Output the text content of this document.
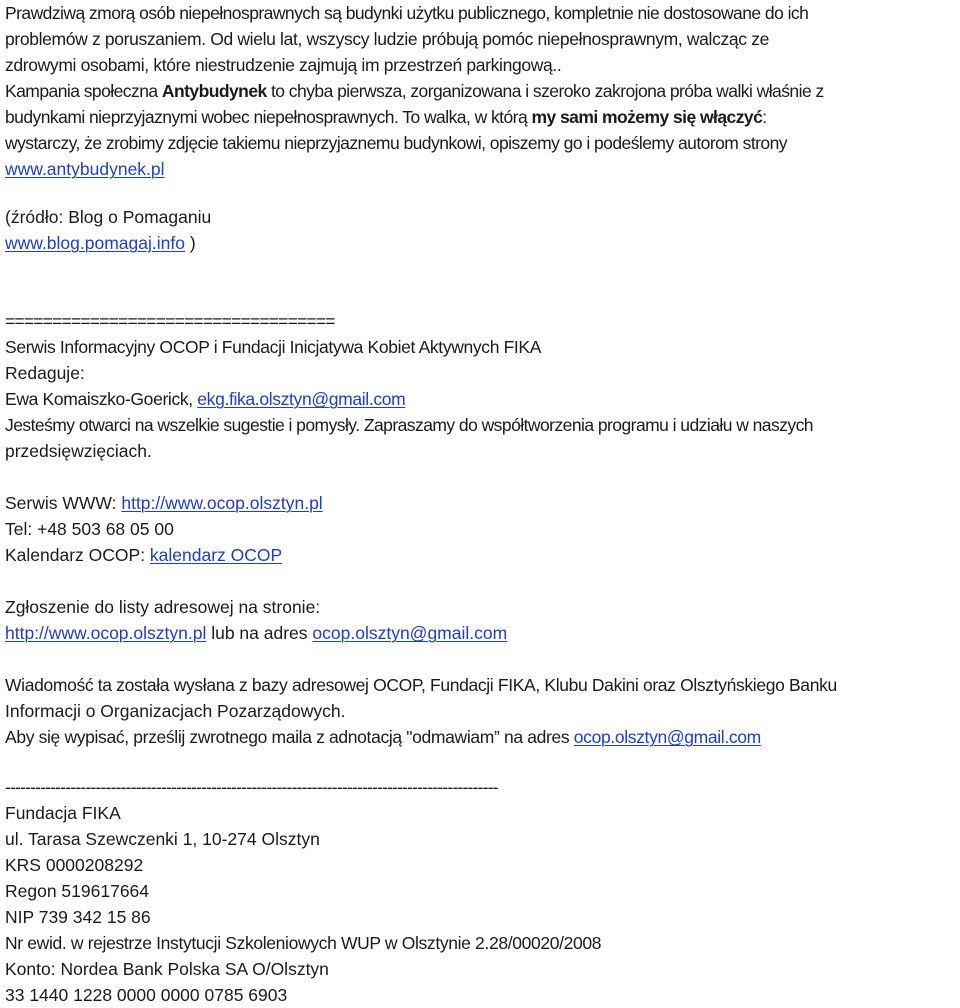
Prawdziwą zmorą osób niepełnosprawnych są budynki użytku publicznego, kompletnie nie dostosowane do ich
problemów z poruszaniem. Od wielu lat, wszyscy ludzie próbują pomóc niepełnosprawnym, walcząc ze
zdrowymi osobami, które niestrudzenie zajmują im przestrzeń parkingową..
Kampania społeczna Antybudynek to chyba pierwsza, zorganizowana i szeroko zakrojona próba walki właśnie z
budynkami nieprzyjaznymi wobec niepełnosprawnych. To walka, w którą my sami możemy się włączyć:
wystarczy, że zrobimy zdjęcie takiemu nieprzyjaznemu budynkowi, opiszemy go i podeślemy autorom strony
www.antybudynek.pl
(źródło: Blog o Pomaganiu
www.blog.pomagaj.info )
===================================
Serwis Informacyjny OCOP i Fundacji Inicjatywa Kobiet Aktywnych FIKA
Redaguje:
Ewa Komaiszko-Goerick, ekg.fika.olsztyn@gmail.com
Jesteśmy otwarci na wszelkie sugestie i pomysły. Zapraszamy do współtworzenia programu i udziału w naszych
przedsięwzięciach.
Serwis WWW: http://www.ocop.olsztyn.pl
Tel: +48 503 68 05 00
Kalendarz OCOP: kalendarz OCOP
Zgłoszenie do listy adresowej na stronie:
http://www.ocop.olsztyn.pl lub na adres ocop.olsztyn@gmail.com
Wiadomość ta została wysłana z bazy adresowej OCOP, Fundacji FIKA, Klubu Dakini oraz Olsztyńskiego Banku
Informacji o Organizacjach Pozarządowych.
Aby się wypisać, prześlij zwrotnego maila z adnotacją "odmawiam” na adres ocop.olsztyn@gmail.com
--------------------------------------------------------------------------------------------------
Fundacja FIKA
ul. Tarasa Szewczenki 1, 10-274 Olsztyn
KRS 0000208292
Regon 519617664
NIP 739 342 15 86
Nr ewid. w rejestrze Instytucji Szkoleniowych WUP w Olsztynie 2.28/00020/2008
Konto: Nordea Bank Polska SA O/Olsztyn
33 1440 1228 0000 0000 0785 6903
